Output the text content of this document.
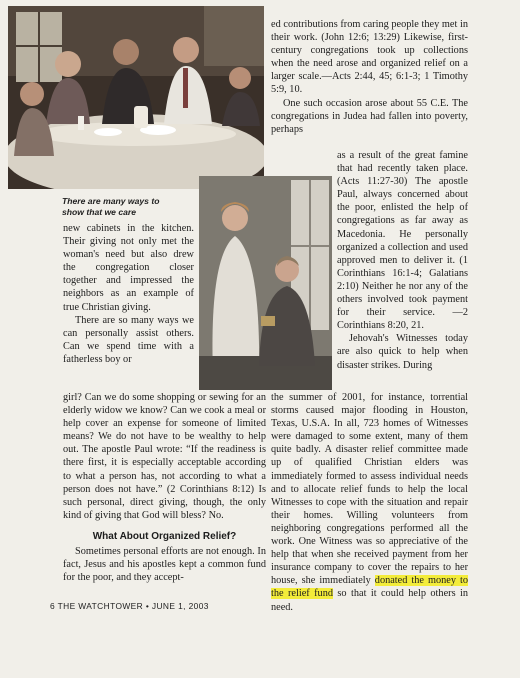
There are many ways to show that we care

ed contributions from caring people they met in their work. (John 12:6; 13:29) Likewise, first-century congregations took up collections when the need arose and organized relief on a larger scale.—Acts 2:44, 45; 6:1-3; 1 Timothy 5:9, 10.

One such occasion arose about 55 C.E. The congregations in Judea had fallen into poverty, perhaps

as a result of the great famine that had recently taken place. (Acts 11:27-30) The apostle Paul, always concerned about the poor, enlisted the help of congregations as far away as Macedonia. He personally organized a collection and used approved men to deliver it. (1 Corinthians 16:1-4; Galatians 2:10) Neither he nor any of the others involved took payment for their service. —2 Corinthians 8:20, 21.

Jehovah's Witnesses today are also quick to help when disaster strikes. During

the summer of 2001, for instance, torrential storms caused major flooding in Houston, Texas, U.S.A. In all, 723 homes of Witnesses were damaged to some extent, many of them quite badly. A disaster relief committee made up of qualified Christian elders was immediately formed to assess individual needs and to allocate relief funds to help the local Witnesses to cope with the situation and repair their homes. Willing volunteers from neighboring congregations performed all the work. One Witness was so appreciative of the help that when she received payment from her insurance company to cover the repairs to her house, she immediately donated the money to the relief fund so that it could help others in need.

new cabinets in the kitchen. Their giving not only met the woman's need but also drew the congregation closer together and impressed the neighbors as an example of true Christian giving.

There are so many ways we can personally assist others. Can we spend time with a fatherless boy or

girl? Can we do some shopping or sewing for an elderly widow we know? Can we cook a meal or help cover an expense for someone of limited means? We do not have to be wealthy to help out. The apostle Paul wrote: “If the readiness is there first, it is especially acceptable according to what a person has, not according to what a person does not have.” (2 Corinthians 8:12) Is such personal, direct giving, though, the only kind of giving that God will bless? No.

What About Organized Relief?

Sometimes personal efforts are not enough. In fact, Jesus and his apostles kept a common fund for the poor, and they accept-

6 THE WATCHTOWER • JUNE 1, 2003
